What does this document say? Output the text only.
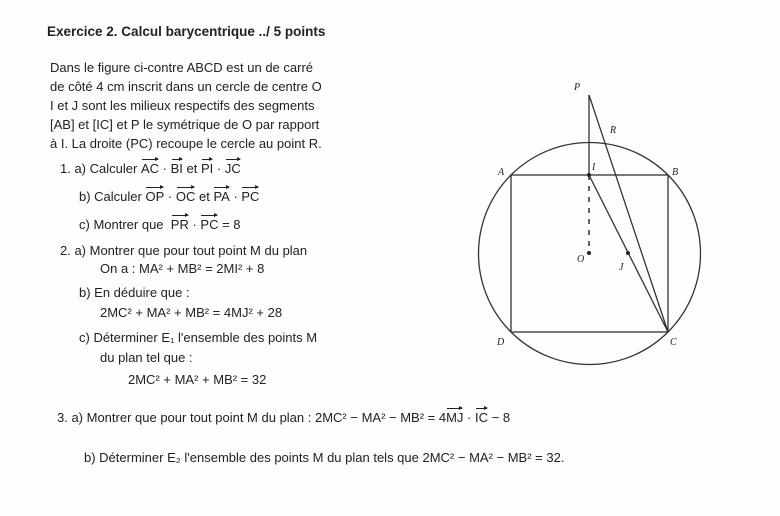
Exercice 2. Calcul barycentrique ../ 5 points
Dans le figure ci-contre ABCD est un de carré
de côté 4 cm inscrit dans un cercle de centre O
I et J sont les milieux respectifs des segments
[AB] et [IC] et P le symétrique de O par rapport
à I. La droite (PC) recoupe le cercle au point R.
1. a) Calculer AC · BI et PI · JC
b) Calculer OP · OC et PA · PC
c) Montrer que PR · PC = 8
2. a) Montrer que pour tout point M du plan
On a : MA² + MB² = 2MI² + 8
b) En déduire que :
2MC² + MA² + MB² = 4MJ² + 28
c) Déterminer E₁ l'ensemble des points M
du plan tel que :
2MC² + MA² + MB² = 32
3. a) Montrer que pour tout point M du plan : 2MC² − MA² − MB² = 4MJ · IC − 8
b) Déterminer E₂ l'ensemble des points M du plan tels que 2MC² − MA² − MB² = 32.
P
R
A	B
I
O
J
D	C
